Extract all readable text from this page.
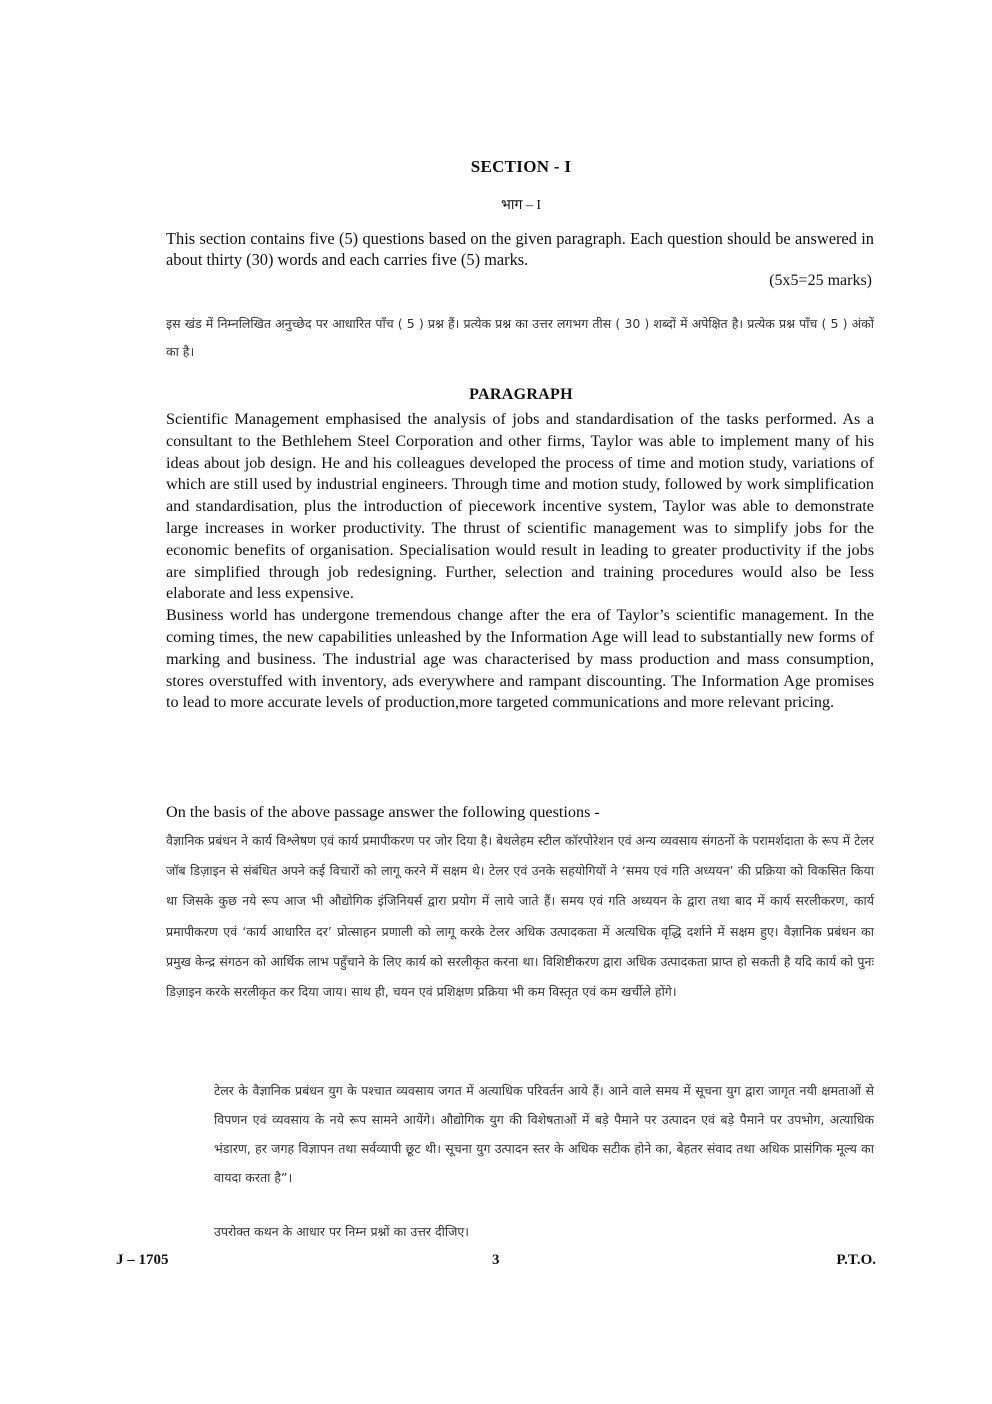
SECTION - I
भाग – I
This section contains five (5) questions based on the given paragraph. Each question should be answered in about thirty (30) words and each carries five (5) marks.
(5x5=25 marks)
इस खंड में निम्नलिखित अनुच्छेद पर आधारित पाँच ( 5 ) प्रश्न हैं। प्रत्येक प्रश्न का उत्तर लगभग तीस ( 30 ) शब्दों में अपेक्षित है। प्रत्येक प्रश्न पाँच ( 5 ) अंकों का है।
PARAGRAPH

Scientific Management emphasised the analysis of jobs and standardisation of the tasks performed. As a consultant to the Bethlehem Steel Corporation and other firms, Taylor was able to implement many of his ideas about job design. He and his colleagues developed the process of time and motion study, variations of which are still used by industrial engineers. Through time and motion study, followed by work simplification and standardisation, plus the introduction of piecework incentive system, Taylor was able to demonstrate large increases in worker productivity. The thrust of scientific management was to simplify jobs for the economic benefits of organisation. Specialisation would result in leading to greater productivity if the jobs are simplified through job redesigning. Further, selection and training procedures would also be less elaborate and less expensive.

Business world has undergone tremendous change after the era of Taylor’s scientific management. In the coming times, the new capabilities unleashed by the Information Age will lead to substantially new forms of marking and business. The industrial age was characterised by mass production and mass consumption, stores overstuffed with inventory, ads everywhere and rampant discounting. The Information Age promises to lead to more accurate levels of production,more targeted communications and more relevant pricing.

On the basis of the above passage answer the following questions -
वैज्ञानिक प्रबंधन ने कार्य विश्लेषण एवं कार्य प्रमापीकरण पर जोर दिया है। बेथलेहम स्टील कॉरपोरेशन एवं अन्य व्यवसाय संगठनों के परामर्शदाता के रूप में टेलर जॉब डिज़ाइन से संबंधित अपने कई विचारों को लागू करने में सक्षम थे। टेलर एवं उनके सहयोगियों ने ‘समय एवं गति अध्ययन’ की प्रक्रिया को विकसित किया था जिसके कुछ नये रूप आज भी औद्योगिक इंजिनियर्स द्वारा प्रयोग में लाये जाते हैं। समय एवं गति अध्ययन के द्वारा तथा बाद में कार्य सरलीकरण, कार्य प्रमापीकरण एवं ‘कार्य आधारित दर’ प्रोत्साहन प्रणाली को लागू करके टेलर अधिक उत्पादकता में अत्यधिक वृद्धि दर्शाने में सक्षम हुए। वैज्ञानिक प्रबंधन का प्रमुख केन्द्र संगठन को आर्थिक लाभ पहुँचाने के लिए कार्य को सरलीकृत करना था। विशिष्टीकरण द्वारा अधिक उत्पादकता प्राप्त हो सकती है यदि कार्य को पुनः डिज़ाइन करके सरलीकृत कर दिया जाय। साथ ही, चयन एवं प्रशिक्षण प्रक्रिया भी कम विस्तृत एवं कम खर्चीले होंगे।
टेलर के वैज्ञानिक प्रबंधन युग के पश्चात व्यवसाय जगत में अत्याधिक परिवर्तन आये हैं। आने वाले समय में सूचना युग द्वारा जागृत नयी क्षमताओं से विपणन एवं व्यवसाय के नये रूप सामने आयेंगे। औद्योगिक युग की विशेषताओं में बड़े पैमाने पर उत्पादन एवं बड़े पैमाने पर उपभोग, अत्याधिक भंडारण, हर जगह विज्ञापन तथा सर्वव्यापी छूट थी। सूचना युग उत्पादन स्तर के अधिक सटीक होने का, बेहतर संवाद तथा अधिक प्रासंगिक मूल्य का वायदा करता है”।
उपरोक्त कथन के आधार पर निम्न प्रश्नों का उत्तर दीजिए।
J – 1705	3	P.T.O.
